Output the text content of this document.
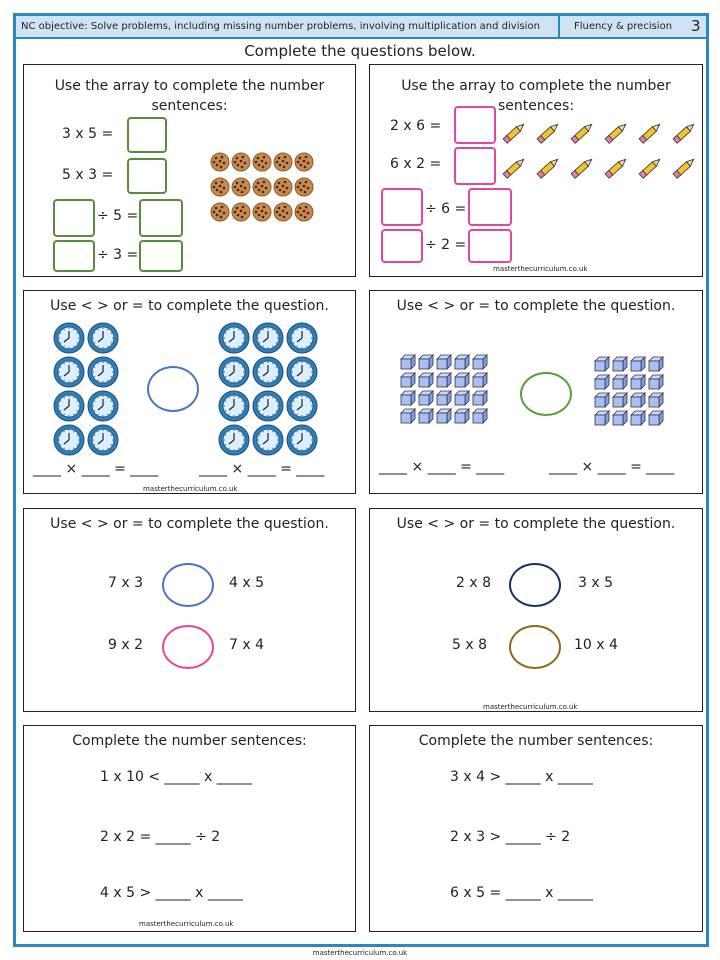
NC objective: Solve problems, including missing number problems, involving multiplication and division	Fluency & precision 3
Complete the questions below.
Use the array to complete the number sentences:
3 x 5 =
5 x 3 =
÷ 5 =
÷ 3 =
Use the array to complete the number sentences:
2 x 6 =
6 x 2 =
÷ 6 =
÷ 2 =
masterthecurriculum.co.uk
Use < > or = to complete the question.
____ × ____ = ____	____ × ____ = ____
masterthecurriculum.co.uk
Use < > or = to complete the question.
____ × ____ = ____	____ × ____ = ____
Use < > or = to complete the question.
7 x 3	4 x 5
9 x 2	7 x 4
Use < > or = to complete the question.
2 x 8	3 x 5
5 x 8	10 x 4
masterthecurriculum.co.uk
Complete the number sentences:
1 x 10 < _____ x _____
2 x 2 = _____ ÷ 2
4 x 5 > _____ x _____
masterthecurriculum.co.uk
Complete the number sentences:
3 x 4 > _____ x _____
2 x 3 > _____ ÷ 2
6 x 5 = _____ x _____
masterthecurriculum.co.uk
